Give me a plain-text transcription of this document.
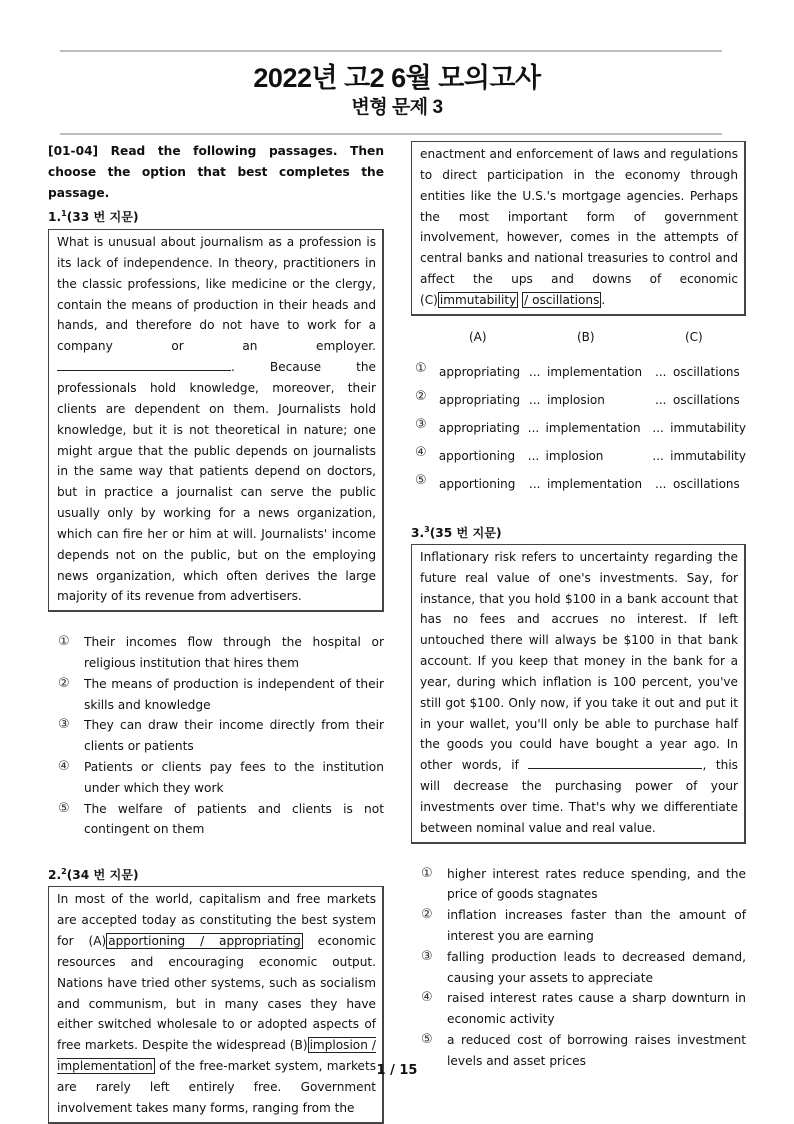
2022년 고2 6월 모의고사
변형 문제 3
[01-04] Read the following passages. Then choose the option that best completes the passage.
1.$^1$(33 번 지문)
What is unusual about journalism as a profession is its lack of independence. In theory, practitioners in the classic professions, like medicine or the clergy, contain the means of production in their heads and hands, and therefore do not have to work for a company or an employer. . Because the professionals hold knowledge, moreover, their clients are dependent on them. Journalists hold knowledge, but it is not theoretical in nature; one might argue that the public depends on journalists in the same way that patients depend on doctors, but in practice a journalist can serve the public usually only by working for a news organization, which can fire her or him at will. Journalists' income depends not on the public, but on the employing news organization, which often derives the large majority of its revenue from advertisers.
①	Their incomes flow through the hospital or religious institution that hires them
②	The means of production is independent of their skills and knowledge
③	They can draw their income directly from their clients or patients
④	Patients or clients pay fees to the institution under which they work
⑤	The welfare of patients and clients is not contingent on them
2.$^2$(34 번 지문)
In most of the world, capitalism and free markets are accepted today as constituting the best system for (A) apportioning / appropriating economic resources and encouraging economic output. Nations have tried other systems, such as socialism and communism, but in many cases they have either switched wholesale to or adopted aspects of free markets. Despite the widespread (B) implosion / implementation of the free-market system, markets are rarely left entirely free. Government involvement takes many forms, ranging from the
enactment and enforcement of laws and regulations to direct participation in the economy through entities like the U.S.'s mortgage agencies. Perhaps the most important form of government involvement, however, comes in the attempts of central banks and national treasuries to control and affect the ups and downs of economic (C) immutability / oscillations .
(A)	(B)	(C)
①	appropriating ... implementation	... oscillations
②	appropriating ... implosion	... oscillations
③	appropriating ... implementation ... immutability
④	apportioning	... implosion	... immutability
⑤	apportioning	... implementation	... oscillations
3.$^3$(35 번 지문)
Inflationary risk refers to uncertainty regarding the future real value of one's investments. Say, for instance, that you hold $100 in a bank account that has no fees and accrues no interest. If left untouched there will always be $100 in that bank account. If you keep that money in the bank for a year, during which inflation is 100 percent, you've still got $100. Only now, if you take it out and put it in your wallet, you'll only be able to purchase half the goods you could have bought a year ago. In other words, if	, this will decrease the purchasing power of your investments over time. That's why we differentiate between nominal value and real value.
①	higher interest rates reduce spending, and the price of goods stagnates
②	inflation increases faster than the amount of interest you are earning
③	falling production leads to decreased demand, causing your assets to appreciate
④	raised interest rates cause a sharp downturn in economic activity
⑤	a reduced cost of borrowing raises investment levels and asset prices
1 / 15
